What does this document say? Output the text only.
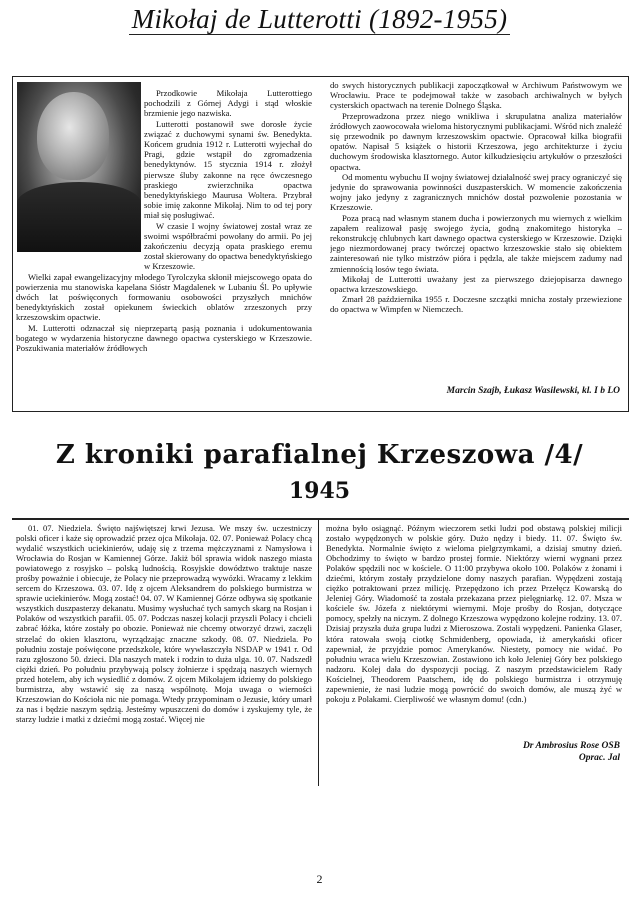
Mikołaj de Lutterotti (1892-1955)

Przodkowie Mikołaja Lutterottiego pochodzili z Górnej Adygi i stąd włoskie brzmienie jego nazwiska.

Lutterotti postanowił swe dorosłe życie związać z duchowymi synami św. Benedykta. Końcem grudnia 1912 r. Lutterotti wyjechał do Pragi, gdzie wstąpił do zgromadzenia benedyktynów. 15 stycznia 1914 r. złożył pierwsze śluby zakonne na ręce ówczesnego praskiego zwierzchnika opactwa benedyktyńskiego Maurusa Woltera. Przybrał sobie imię zakonne Mikołaj. Nim to od tej pory miał się posługiwać.

W czasie I wojny światowej został wraz ze swoimi współbraćmi powołany do armii. Po jej zakończeniu decyzją opata praskiego eremu został skierowany do opactwa benedyktyńskiego w Krzeszowie.

Wielki zapał ewangelizacyjny młodego Tyrolczyka skłonił miejscowego opata do powierzenia mu stanowiska kapelana Sióstr Magdalenek w Lubaniu Śl. Po upływie dwóch lat poświęconych formowaniu osobowości przyszłych mnichów benedyktyńskich został opiekunem świeckich oblatów zrzeszonych przy krzeszowskim opactwie.

M. Lutterotti odznaczał się nieprzepartą pasją poznania i udokumentowania bogatego w wydarzenia historyczne dawnego opactwa cysterskiego w Krzeszowie. Poszukiwania materiałów źródłowych

do swych historycznych publikacji zapoczątkował w Archiwum Państwowym we Wrocławiu. Prace te podejmował także w zasobach archiwalnych w byłych cysterskich opactwach na terenie Dolnego Śląska.

Przeprowadzona przez niego wnikliwa i skrupulatna analiza materiałów źródłowych zaowocowała wieloma historycznymi publikacjami. Wśród nich znaleźć się przewodnik po dawnym krzeszowskim opactwie. Opracował kilka biografii opatów. Napisał 5 książek o historii Krzeszowa, jego architekturze i życiu duchowym środowiska klasztornego. Autor kilkudziesięciu artykułów o przeszłości opactwa.

Od momentu wybuchu II wojny światowej działalność swej pracy ograniczyć się jedynie do sprawowania powinności duszpasterskich. W momencie zakończenia wojny jako jedyny z zagranicznych mnichów dostał pozwolenie pozostania w Krzeszowie.

Poza pracą nad własnym stanem ducha i powierzonych mu wiernych z wielkim zapałem realizował pasję swojego życia, godną znakomitego historyka – rekonstrukcję chlubnych kart dawnego opactwa cysterskiego w Krzeszowie. Dzięki jego niezmordowanej pracy twórczej opactwo krzeszowskie stało się obiektem zainteresowań nie tylko mistrzów pióra i pędzla, ale także miejscem zadumy nad zmiennością losów tego świata.

Mikołaj de Lutterotti uważany jest za pierwszego dziejopisarza dawnego opactwa krzeszowskiego.

Zmarł 28 października 1955 r. Doczesne szczątki mnicha zostały przewiezione do opactwa w Wimpfen w Niemczech.

Marcin Szajb, Łukasz Wasilewski, kl. I b LO
Z kroniki parafialnej Krzeszowa /4/
1945

01. 07. Niedziela. Święto najświętszej krwi Jezusa. We mszy św. uczestniczy polski oficer i każe się oprowadzić przez ojca Mikołaja. 02. 07. Ponieważ Polacy chcą wydalić wszystkich uciekinierów, udaję się z trzema mężczyznami z Namysłowa i Wrocławia do Rosjan w Kamiennej Górze. Jakiż ból sprawia widok naszego miasta powiatowego z rosyjsko – polską ludnością. Rosyjskie dowództwo traktuje nasze prośby poważnie i obiecuje, że Polacy nie przeprowadzą wywózki. Wracamy z lekkim sercem do Krzeszowa. 03. 07. Idę z ojcem Aleksandrem do polskiego burmistrza w sprawie uciekinierów. Mogą zostać! 04. 07. W Kamiennej Górze odbywa się spotkanie wszystkich duszpasterzy dekanatu. Musimy wysłuchać tych samych skarg na Rosjan i Polaków od wszystkich parafii. 05. 07. Podczas naszej kolacji przyszli Polacy i chcieli zabrać łóżka, które zostały po obozie. Ponieważ nie chcemy otworzyć drzwi, zaczęli strzelać do okien klasztoru, wyrządzając znaczne szkody. 08. 07. Niedziela. Po południu zostaje poświęcone przedszkole, które wywłaszczyła NSDAP w 1941 r. Od razu zgłoszono 50. dzieci. Dla naszych matek i rodzin to duża ulga. 10. 07. Nadszedł ciężki dzień. Po południu przybywają polscy żołnierze i spędzają naszych wiernych przed hotelem, aby ich wysiedlić z domów. Z ojcem Mikołajem idziemy do polskiego burmistrza, aby wstawić się za naszą wspólnotę. Moja uwaga o wierności Krzeszowian do Kościoła nic nie pomaga. Wtedy przypominam o Jezusie, który umarł za nas i będzie naszym sędzią. Jesteśmy wpuszczeni do domów i zyskujemy tyle, że starzy ludzie i matki z dziećmi mogą zostać. Więcej nie

można było osiągnąć. Późnym wieczorem setki ludzi pod obstawą polskiej milicji zostało wypędzonych w polskie góry. Dużo nędzy i biedy. 11. 07. Święto św. Benedykta. Normalnie święto z wieloma pielgrzymkami, a dzisiaj smutny dzień. Obchodzimy to święto w bardzo prostej formie. Niektórzy wierni wygnani przez Polaków spędzili noc w kościele. O 11:00 przybywa około 100. Polaków z żonami i dziećmi, którym zostały przydzielone domy naszych parafian. Wypędzeni zostają ciężko potraktowani przez milicję. Przepędzono ich przez Przełęcz Kowarską do Jeleniej Góry. Wiadomość ta została przekazana przez pielęgniarkę. 12. 07. Msza w kościele św. Józefa z niektórymi wiernymi. Moje prośby do Rosjan, dotyczące pomocy, spełzły na niczym. Z dolnego Krzeszowa wypędzono kolejne rodziny. 13. 07. Dzisiaj przyszła duża grupa ludzi z Mieroszowa. Zostali wypędzeni. Panienka Glaser, która ratowała swoją ciotkę Schmidenberg, opowiada, iż amerykański oficer zapewniał, że przyjdzie pomoc Amerykanów. Niestety, pomocy nie widać. Po południu wraca wielu Krzeszowian. Zostawiono ich koło Jeleniej Góry bez polskiego nadzoru. Kolej dała do dyspozycji pociąg. Z naszym przedstawicielem Rady Kościelnej, Theodorem Paatschem, idę do polskiego burmistrza i otrzymuję zapewnienie, że nasi ludzie mogą powrócić do swoich domów, ale muszą żyć w pokoju z Polakami. Cierpliwość we własnym domu! (cdn.)

Dr Ambrosius Rose OSB
Oprac. Jal
2
